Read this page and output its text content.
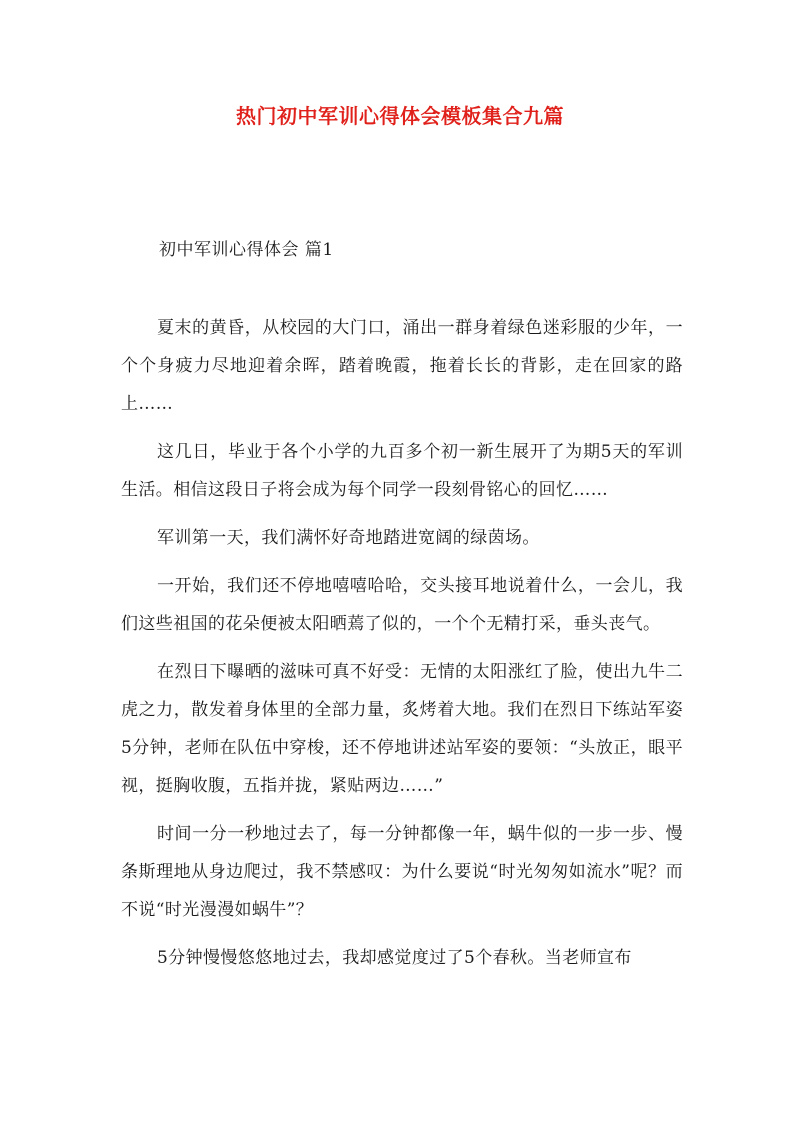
热门初中军训心得体会模板集合九篇
初中军训心得体会 篇1

夏末的黄昏，从校园的大门口，涌出一群身着绿色迷彩服的少年，一个个身疲力尽地迎着余晖，踏着晚霞，拖着长长的背影，走在回家的路上……

这几日，毕业于各个小学的九百多个初一新生展开了为期5天的军训生活。相信这段日子将会成为每个同学一段刻骨铭心的回忆……

军训第一天，我们满怀好奇地踏进宽阔的绿茵场。

一开始，我们还不停地嘻嘻哈哈，交头接耳地说着什么，一会儿，我们这些祖国的花朵便被太阳晒蔫了似的，一个个无精打采，垂头丧气。

在烈日下曝晒的滋味可真不好受：无情的太阳涨红了脸，使出九牛二虎之力，散发着身体里的全部力量，炙烤着大地。我们在烈日下练站军姿5分钟，老师在队伍中穿梭，还不停地讲述站军姿的要领：“头放正，眼平视，挺胸收腹，五指并拢，紧贴两边……”

时间一分一秒地过去了，每一分钟都像一年，蜗牛似的一步一步、慢条斯理地从身边爬过，我不禁感叹：为什么要说“时光匆匆如流水”呢？而不说“时光漫漫如蜗牛”？

5分钟慢慢悠悠地过去，我却感觉度过了5个春秋。当老师宣布
